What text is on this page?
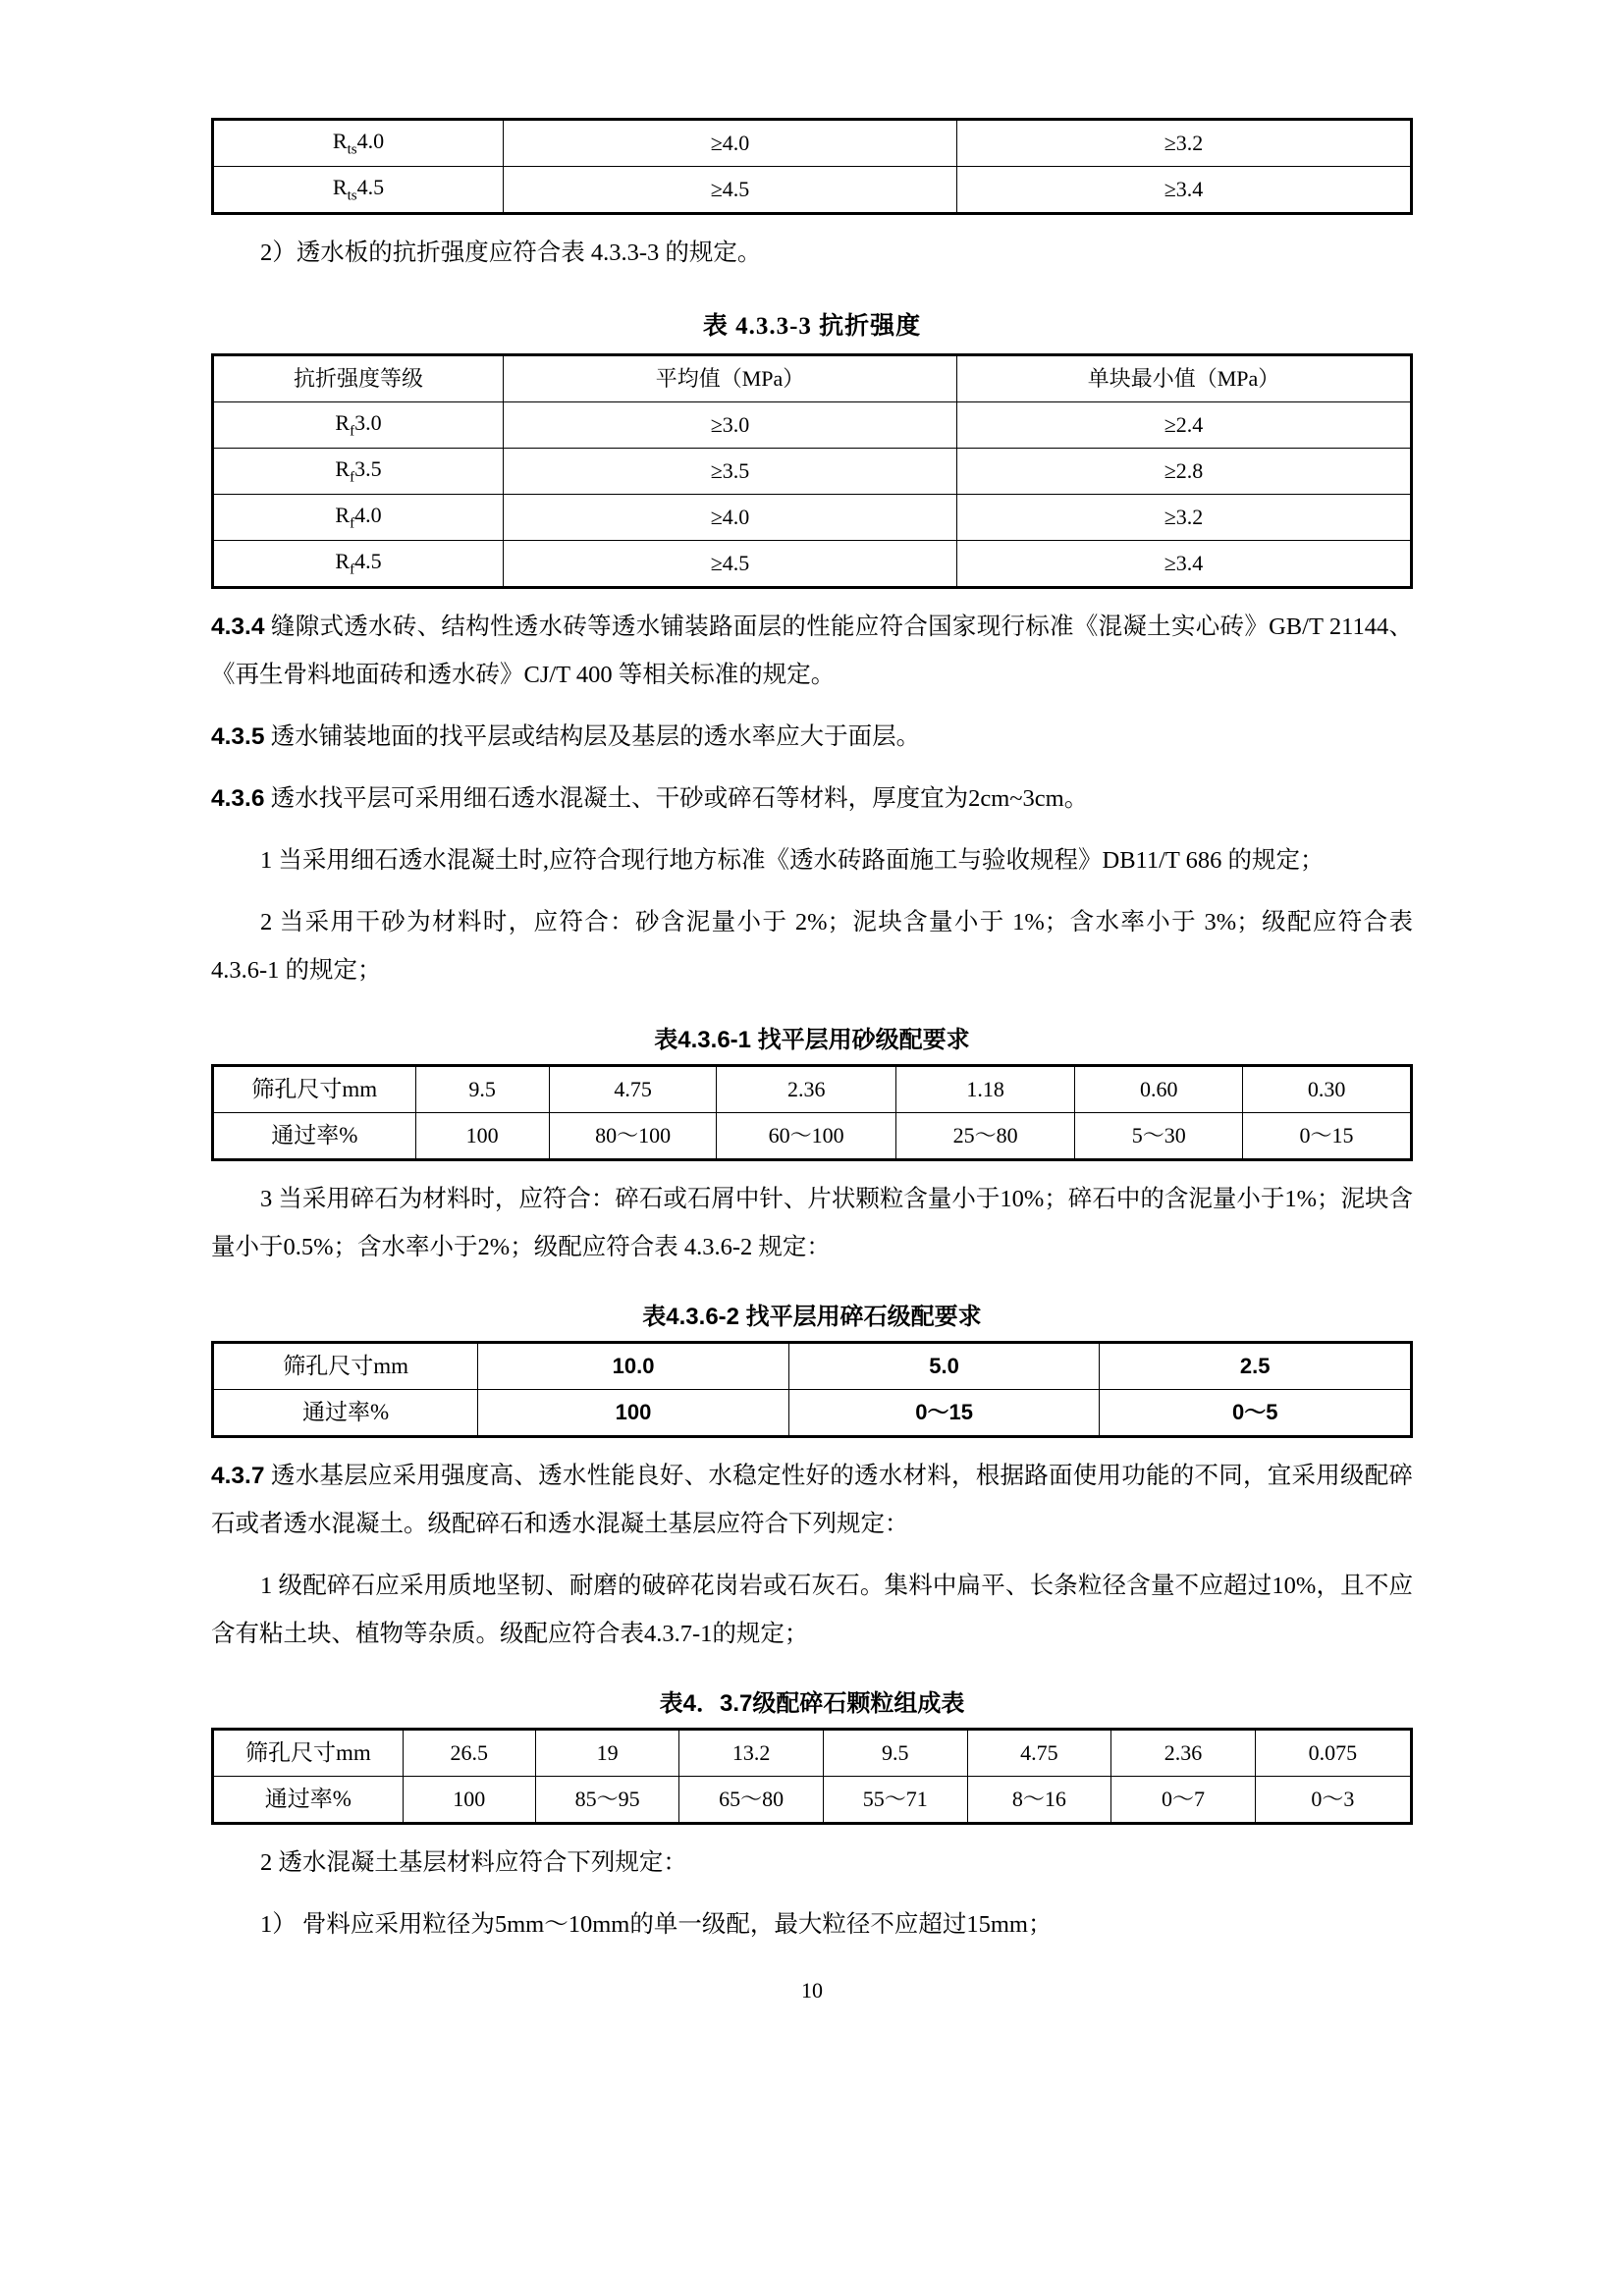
$R_{ts}4.0$	≥4.0	≥3.2
$R_{ts}4.5$	≥4.5	≥3.4

2）透水板的抗折强度应符合表 4.3.3-3 的规定。

表 4.3.3-3 抗折强度
抗折强度等级	平均值（MPa）	单块最小值（MPa）
$R_f3.0$	≥3.0	≥2.4
$R_f3.5$	≥3.5	≥2.8
$R_f4.0$	≥4.0	≥3.2
$R_f4.5$	≥4.5	≥3.4

4.3.4 缝隙式透水砖、结构性透水砖等透水铺装路面层的性能应符合国家现行标准《混凝土实心砖》GB/T 21144、《再生骨料地面砖和透水砖》CJ/T 400 等相关标准的规定。

4.3.5 透水铺装地面的找平层或结构层及基层的透水率应大于面层。

4.3.6 透水找平层可采用细石透水混凝土、干砂或碎石等材料，厚度宜为2cm~3cm。

1 当采用细石透水混凝土时,应符合现行地方标准《透水砖路面施工与验收规程》DB11/T 686 的规定；

2 当采用干砂为材料时，应符合：砂含泥量小于 2%；泥块含量小于 1%；含水率小于 3%；级配应符合表 4.3.6-1 的规定；

表4.3.6-1 找平层用砂级配要求
筛孔尺寸mm	9.5	4.75	2.36	1.18	0.60	0.30
通过率%	100	80～100	60～100	25～80	5～30	0～15

3 当采用碎石为材料时，应符合：碎石或石屑中针、片状颗粒含量小于10%；碎石中的含泥量小于1%；泥块含量小于0.5%；含水率小于2%；级配应符合表 4.3.6-2 规定：

表4.3.6-2 找平层用碎石级配要求
筛孔尺寸mm	10.0	5.0	2.5
通过率%	100	0～15	0～5

4.3.7 透水基层应采用强度高、透水性能良好、水稳定性好的透水材料，根据路面使用功能的不同，宜采用级配碎石或者透水混凝土。级配碎石和透水混凝土基层应符合下列规定：

1 级配碎石应采用质地坚韧、耐磨的破碎花岗岩或石灰石。集料中扁平、长条粒径含量不应超过10%，且不应含有粘土块、植物等杂质。级配应符合表4.3.7-1的规定；

表4．3.7级配碎石颗粒组成表
筛孔尺寸mm	26.5	19	13.2	9.5	4.75	2.36	0.075
通过率%	100	85～95	65～80	55～71	8～16	0～7	0～3

2 透水混凝土基层材料应符合下列规定：

1） 骨料应采用粒径为5mm～10mm的单一级配，最大粒径不应超过15mm；

10
